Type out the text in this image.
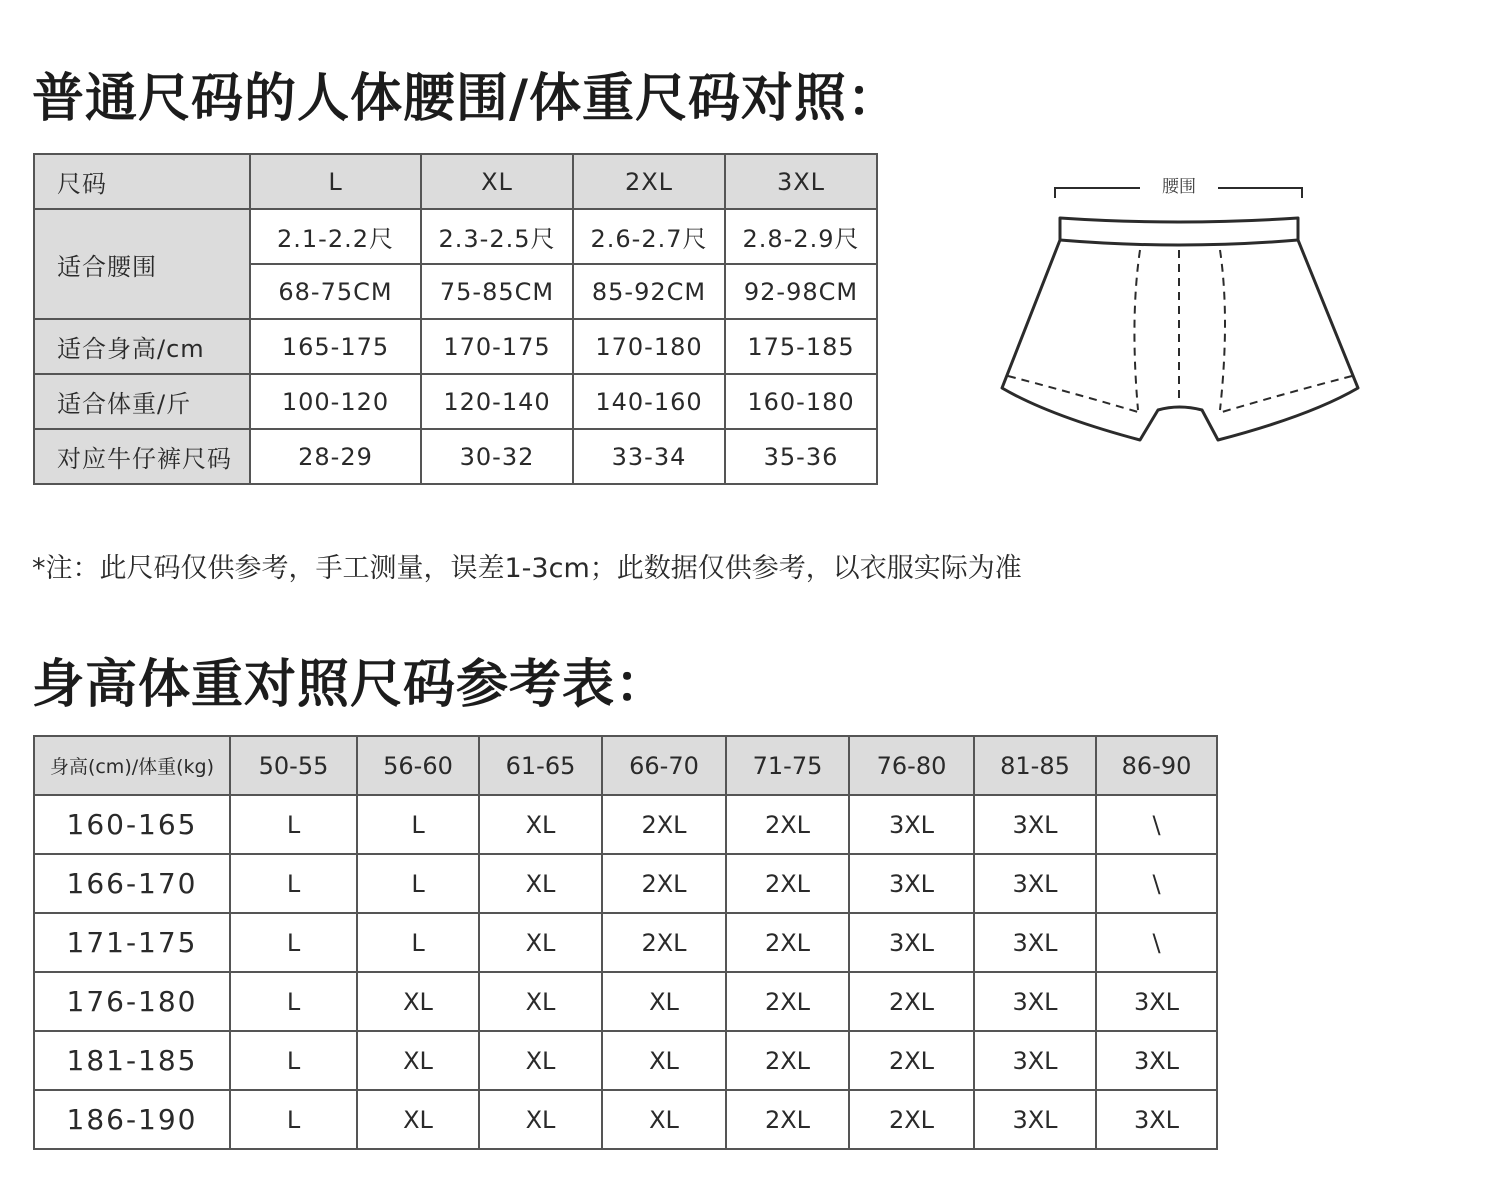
普通尺码的人体腰围/体重尺码对照：
尺码	L	XL	2XL	3XL
适合腰围	2.1-2.2尺	2.3-2.5尺	2.6-2.7尺	2.8-2.9尺
	68-75CM	75-85CM	85-92CM	92-98CM
适合身高/cm	165-175	170-175	170-180	175-185
适合体重/斤	100-120	120-140	140-160	160-180
对应牛仔裤尺码	28-29	30-32	33-34	35-36
腰围

*注：此尺码仅供参考，手工测量，误差1-3cm；此数据仅供参考，以衣服实际为准

身高体重对照尺码参考表：
身高(cm)/体重(kg)	50-55	56-60	61-65	66-70	71-75	76-80	81-85	86-90
160-165	L	L	XL	2XL	2XL	3XL	3XL	\
166-170	L	L	XL	2XL	2XL	3XL	3XL	\
171-175	L	L	XL	2XL	2XL	3XL	3XL	\
176-180	L	XL	XL	XL	2XL	2XL	3XL	3XL
181-185	L	XL	XL	XL	2XL	2XL	3XL	3XL
186-190	L	XL	XL	XL	2XL	2XL	3XL	3XL
